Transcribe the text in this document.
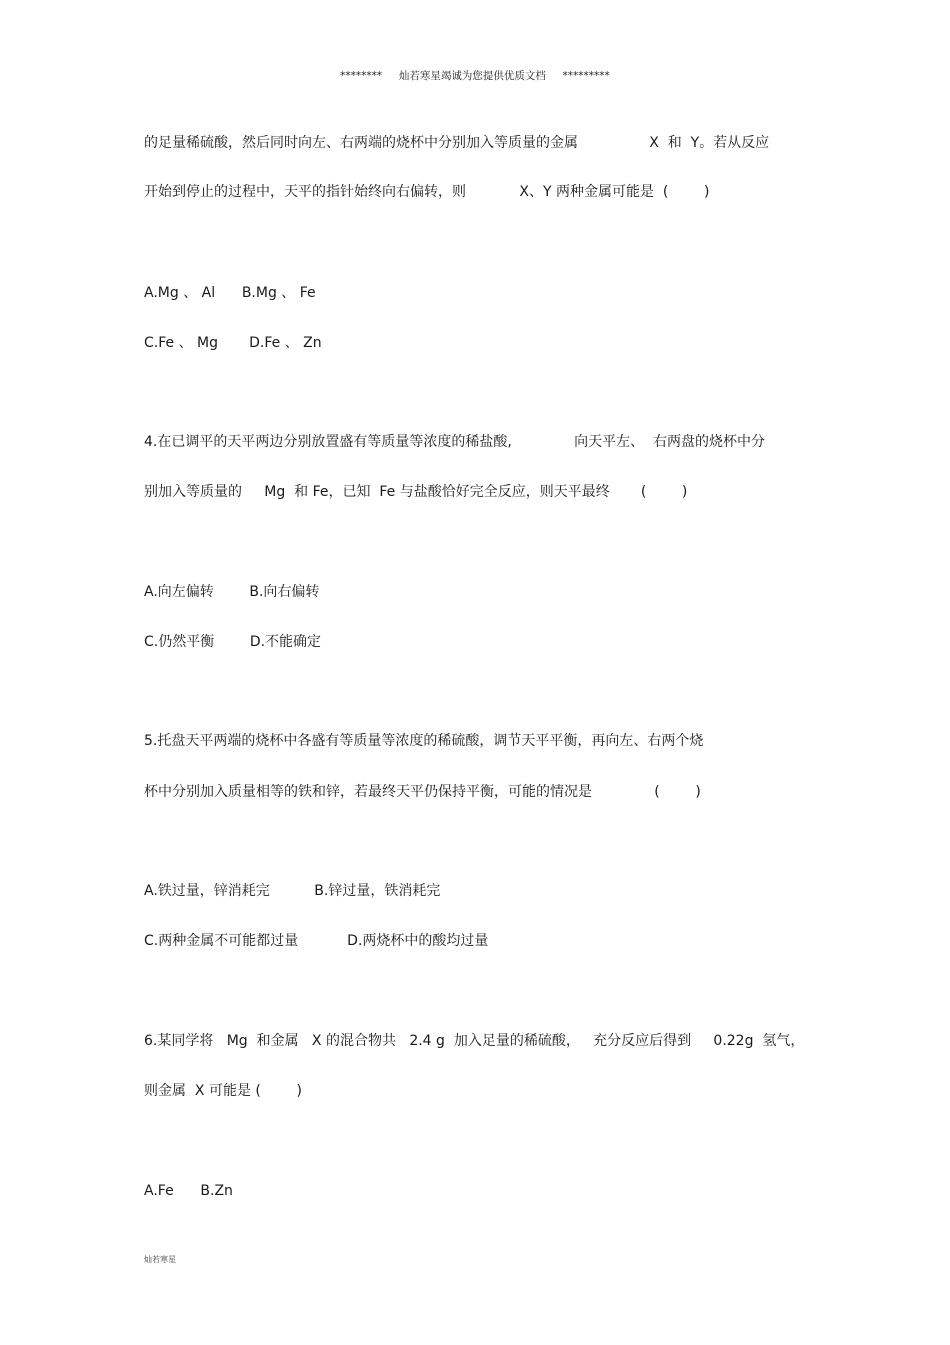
********     灿若寒星竭诚为您提供优质文档     *********
的足量稀硫酸，然后同时向左、右两端的烧杯中分别加入等质量的金属                X  和  Y。若从反应
开始到停止的过程中，天平的指针始终向右偏转，则            X、Y 两种金属可能是  (        )
A.Mg 、 Al      B.Mg 、 Fe
C.Fe 、 Mg       D.Fe 、 Zn
4.在已调平的天平两边分别放置盛有等质量等浓度的稀盐酸,              向天平左、  右两盘的烧杯中分
别加入等质量的     Mg  和 Fe，已知  Fe 与盐酸恰好完全反应，则天平最终       (        )
A.向左偏转        B.向右偏转
C.仍然平衡        D.不能确定
5.托盘天平两端的烧杯中各盛有等质量等浓度的稀硫酸，调节天平平衡，再向左、右两个烧
杯中分别加入质量相等的铁和锌，若最终天平仍保持平衡，可能的情况是              (        )
A.铁过量，锌消耗完          B.锌过量，铁消耗完
C.两种金属不可能都过量           D.两烧杯中的酸均过量
6.某同学将   Mg  和金属   X 的混合物共   2.4 g  加入足量的稀硫酸，   充分反应后得到     0.22g  氢气，
则金属  X 可能是 (        )
A.Fe      B.Zn
灿若寒星
